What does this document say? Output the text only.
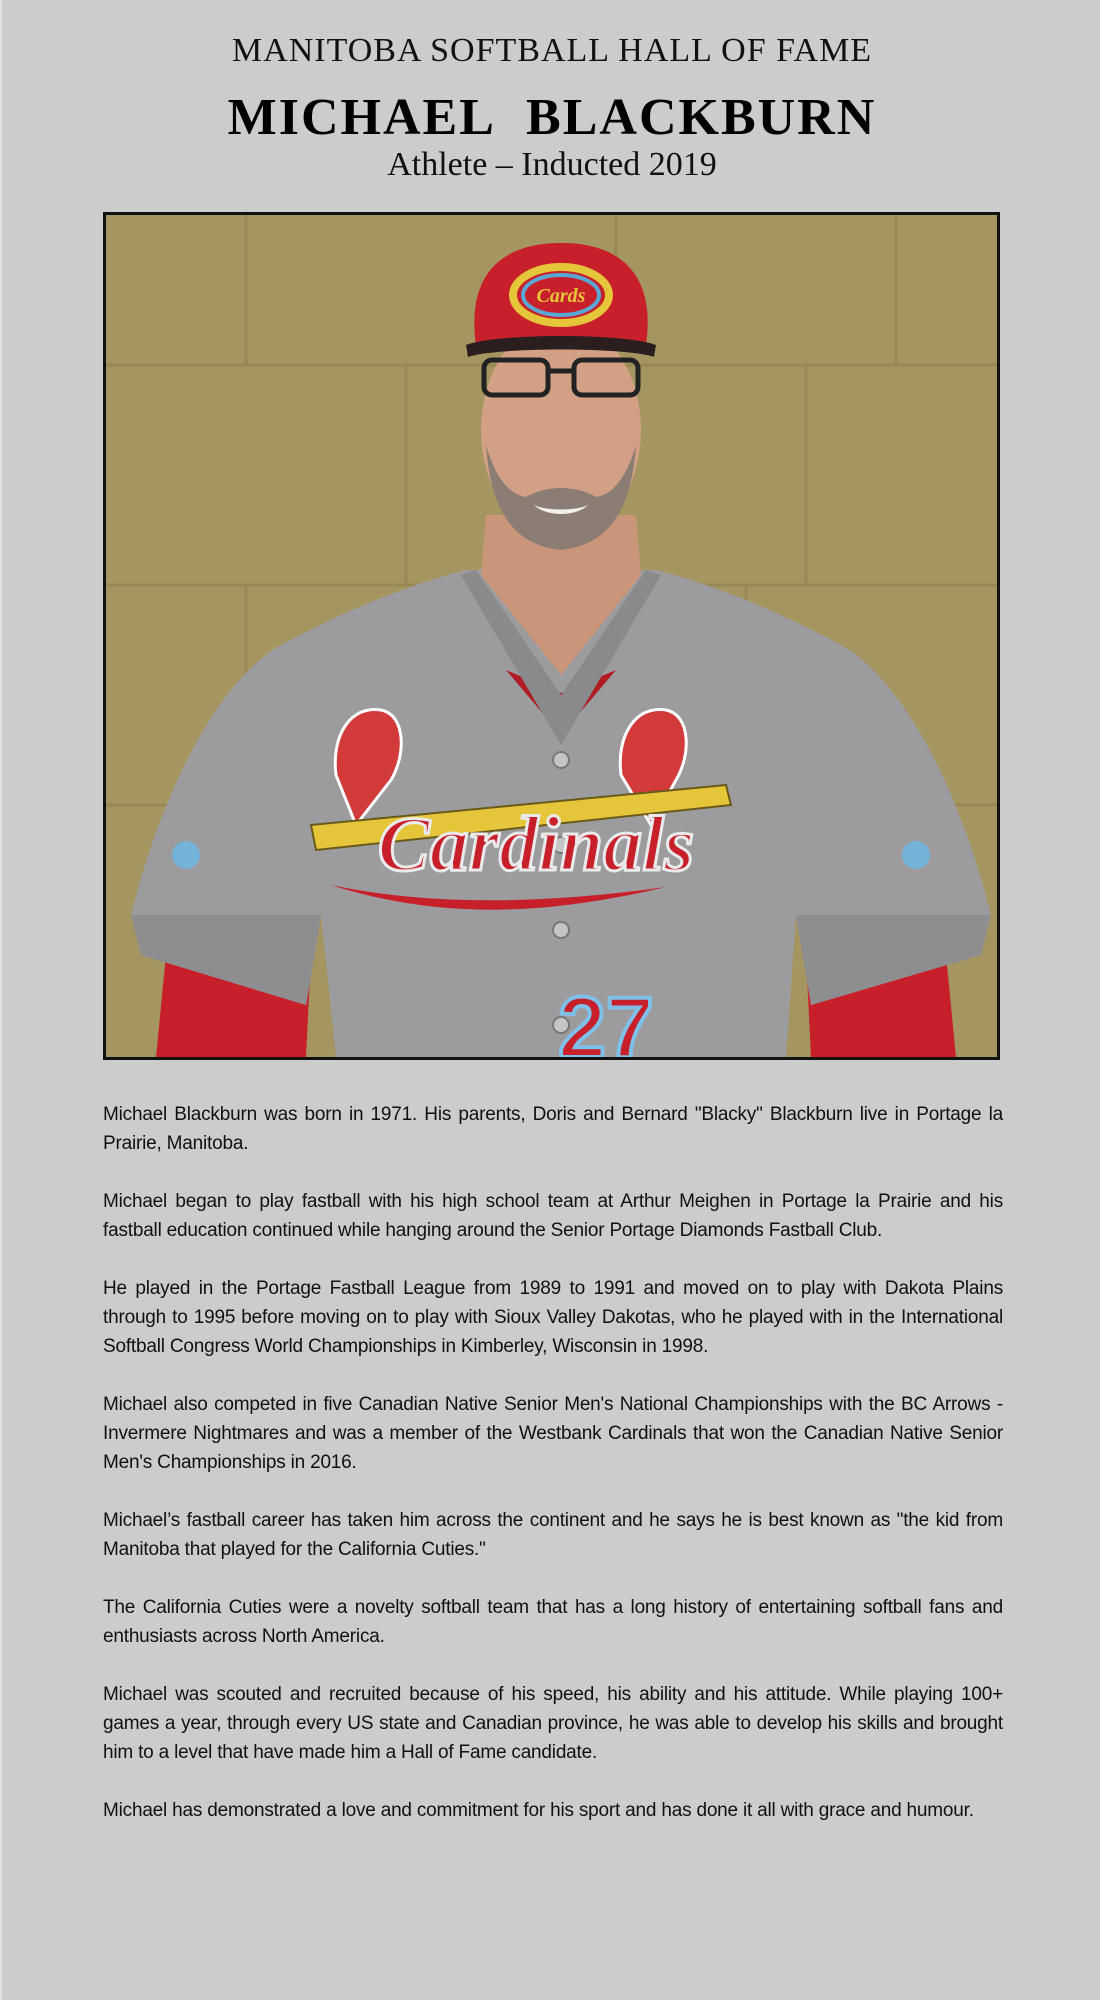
MANITOBA SOFTBALL HALL OF FAME
MICHAEL BLACKBURN
Athlete – Inducted 2019
Cards
Cardinals
27

Michael Blackburn was born in 1971. His parents, Doris and Bernard "Blacky" Blackburn live in Portage la Prairie, Manitoba.

Michael began to play fastball with his high school team at Arthur Meighen in Portage la Prairie and his fastball education continued while hanging around the Senior Portage Diamonds Fastball Club.

He played in the Portage Fastball League from 1989 to 1991 and moved on to play with Dakota Plains through to 1995 before moving on to play with Sioux Valley Dakotas, who he played with in the International Softball Congress World Championships in Kimberley, Wisconsin in 1998.

Michael also competed in five Canadian Native Senior Men's National Championships with the BC Arrows - Invermere Nightmares and was a member of the Westbank Cardinals that won the Canadian Native Senior Men's Championships in 2016.

Michael’s fastball career has taken him across the continent and he says he is best known as "the kid from Manitoba that played for the California Cuties."

The California Cuties were a novelty softball team that has a long history of entertaining softball fans and enthusiasts across North America.

Michael was scouted and recruited because of his speed, his ability and his attitude. While playing 100+ games a year, through every US state and Canadian province, he was able to develop his skills and brought him to a level that have made him a Hall of Fame candidate.

Michael has demonstrated a love and commitment for his sport and has done it all with grace and humour.
